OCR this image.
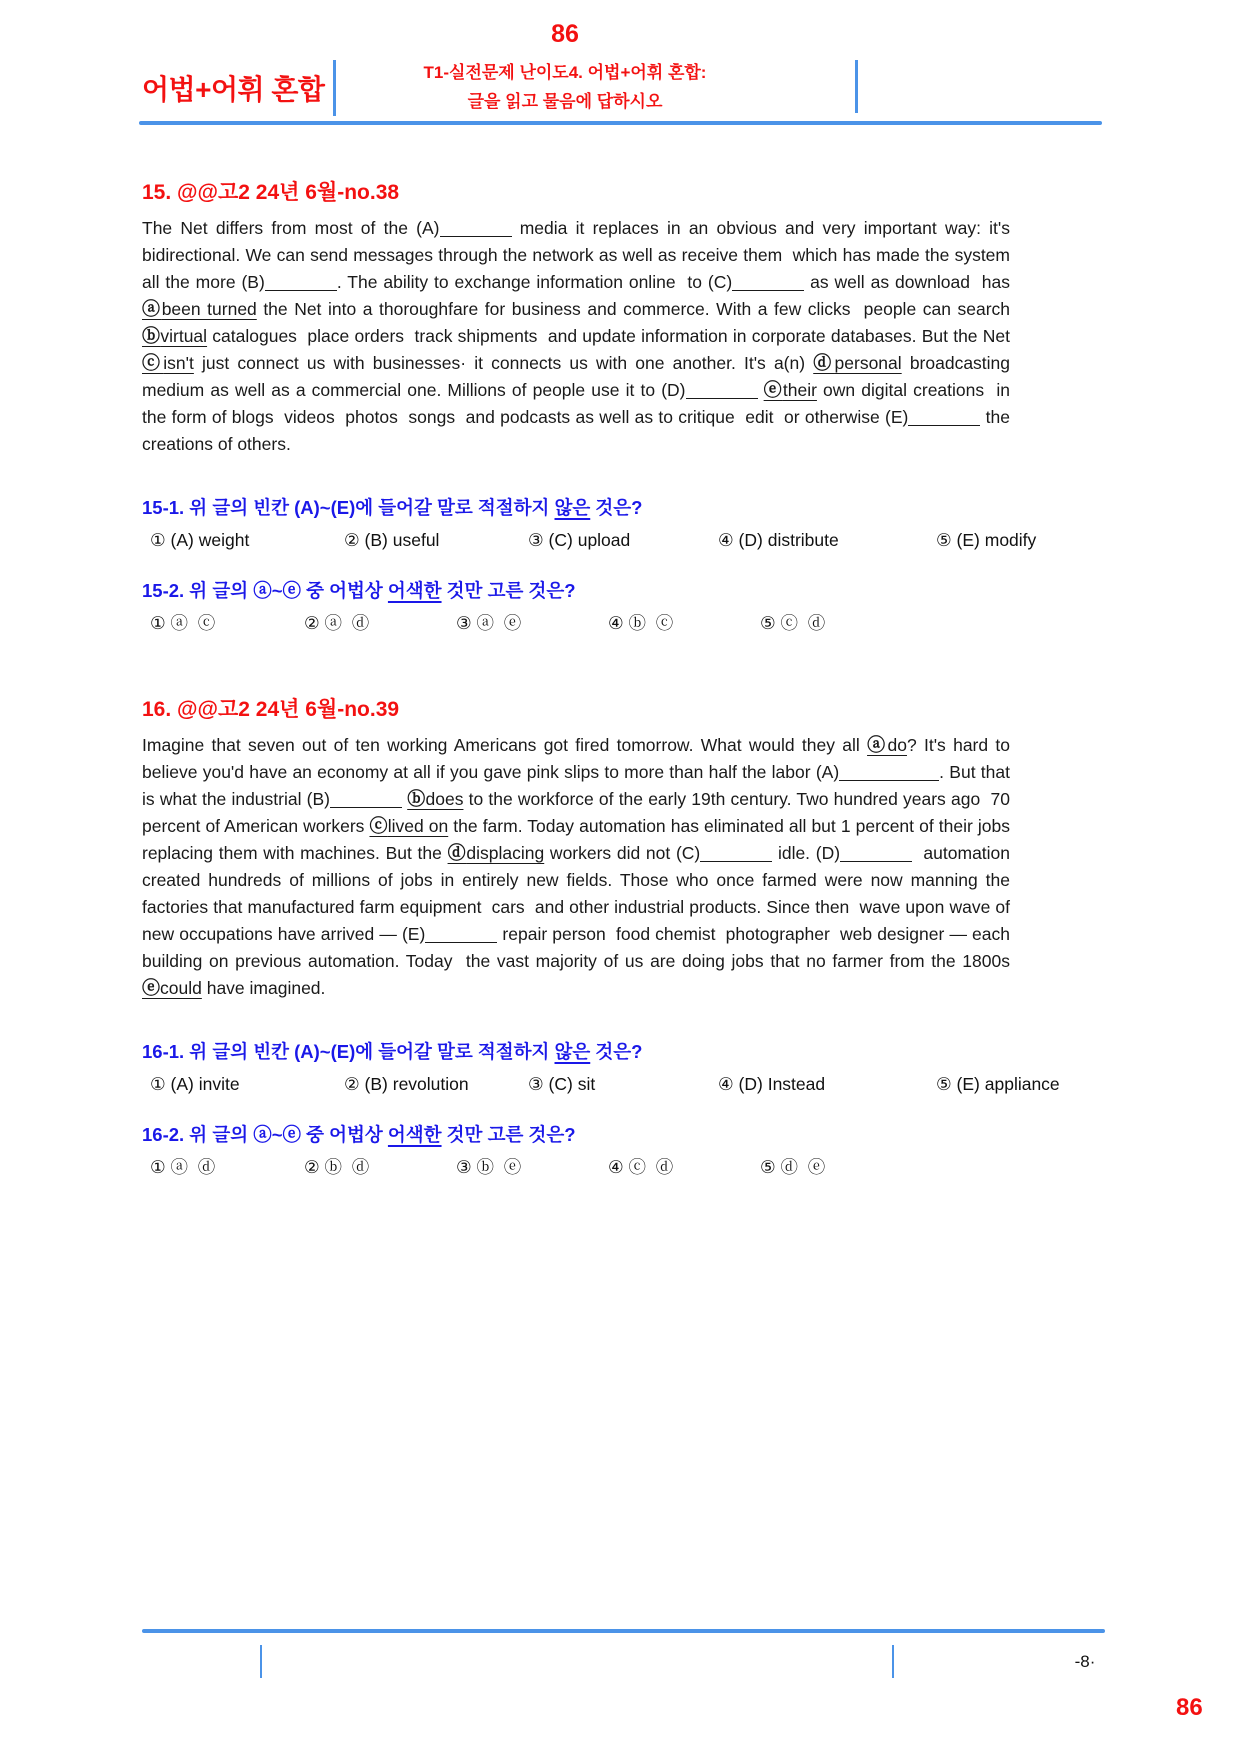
86
어법+어휘 혼합
T1-실전문제 난이도4. 어법+어휘 혼합:
글을 읽고 물음에 답하시오
15. @@고2 24년 6월-no.38

The Net differs from most of the (A)	media it replaces in an obvious and very important way: it's bidirectional. We can send messages through the network as well as receive them  which has made the system all the more (B)	. The ability to exchange information online  to (C)	as well as download  has ⓐbeen turned the Net into a thoroughfare for business and commerce. With a few clicks  people can search ⓑvirtual catalogues  place orders  track shipments  and update information in corporate databases. But the Net ⓒisn't just connect us with businesses· it connects us with one another. It's a(n) ⓓpersonal broadcasting medium as well as a commercial one. Millions of people use it to (D)	ⓔtheir own digital creations  in the form of blogs  videos  photos  songs  and podcasts as well as to critique  edit  or otherwise (E)	the creations of others.

15-1. 위 글의 빈칸 (A)~(E)에 들어갈 말로 적절하지 않은 것은?
① (A) weight	② (B) useful	③ (C) upload	④ (D) distribute	⑤ (E) modify
15-2. 위 글의 ⓐ~ⓔ 중 어법상 어색한 것만 고른 것은?
① ⓐ  ⓒ	② ⓐ  ⓓ	③ ⓐ  ⓔ	④ ⓑ  ⓒ	⑤ ⓒ  ⓓ
16. @@고2 24년 6월-no.39

Imagine that seven out of ten working Americans got fired tomorrow. What would they all ⓐdo? It's hard to believe you'd have an economy at all if you gave pink slips to more than half the labor (A)	. But that is what the industrial (B)	ⓑdoes to the workforce of the early 19th century. Two hundred years ago  70 percent of American workers ⓒlived on the farm. Today automation has eliminated all but 1 percent of their jobs  replacing them with machines. But the ⓓdisplacing workers did not (C)	idle. (D)	automation created hundreds of millions of jobs in entirely new fields. Those who once farmed were now manning the factories that manufactured farm equipment  cars  and other industrial products. Since then  wave upon wave of new occupations have arrived — (E)	repair person  food chemist  photographer  web designer — each building on previous automation. Today  the vast majority of us are doing jobs that no farmer from the 1800s ⓔcould have imagined.

16-1. 위 글의 빈칸 (A)~(E)에 들어갈 말로 적절하지 않은 것은?
① (A) invite	② (B) revolution	③ (C) sit	④ (D) Instead	⑤ (E) appliance
16-2. 위 글의 ⓐ~ⓔ 중 어법상 어색한 것만 고른 것은?
① ⓐ  ⓓ	② ⓑ  ⓓ	③ ⓑ  ⓔ	④ ⓒ  ⓓ	⑤ ⓓ  ⓔ
-8·
86
